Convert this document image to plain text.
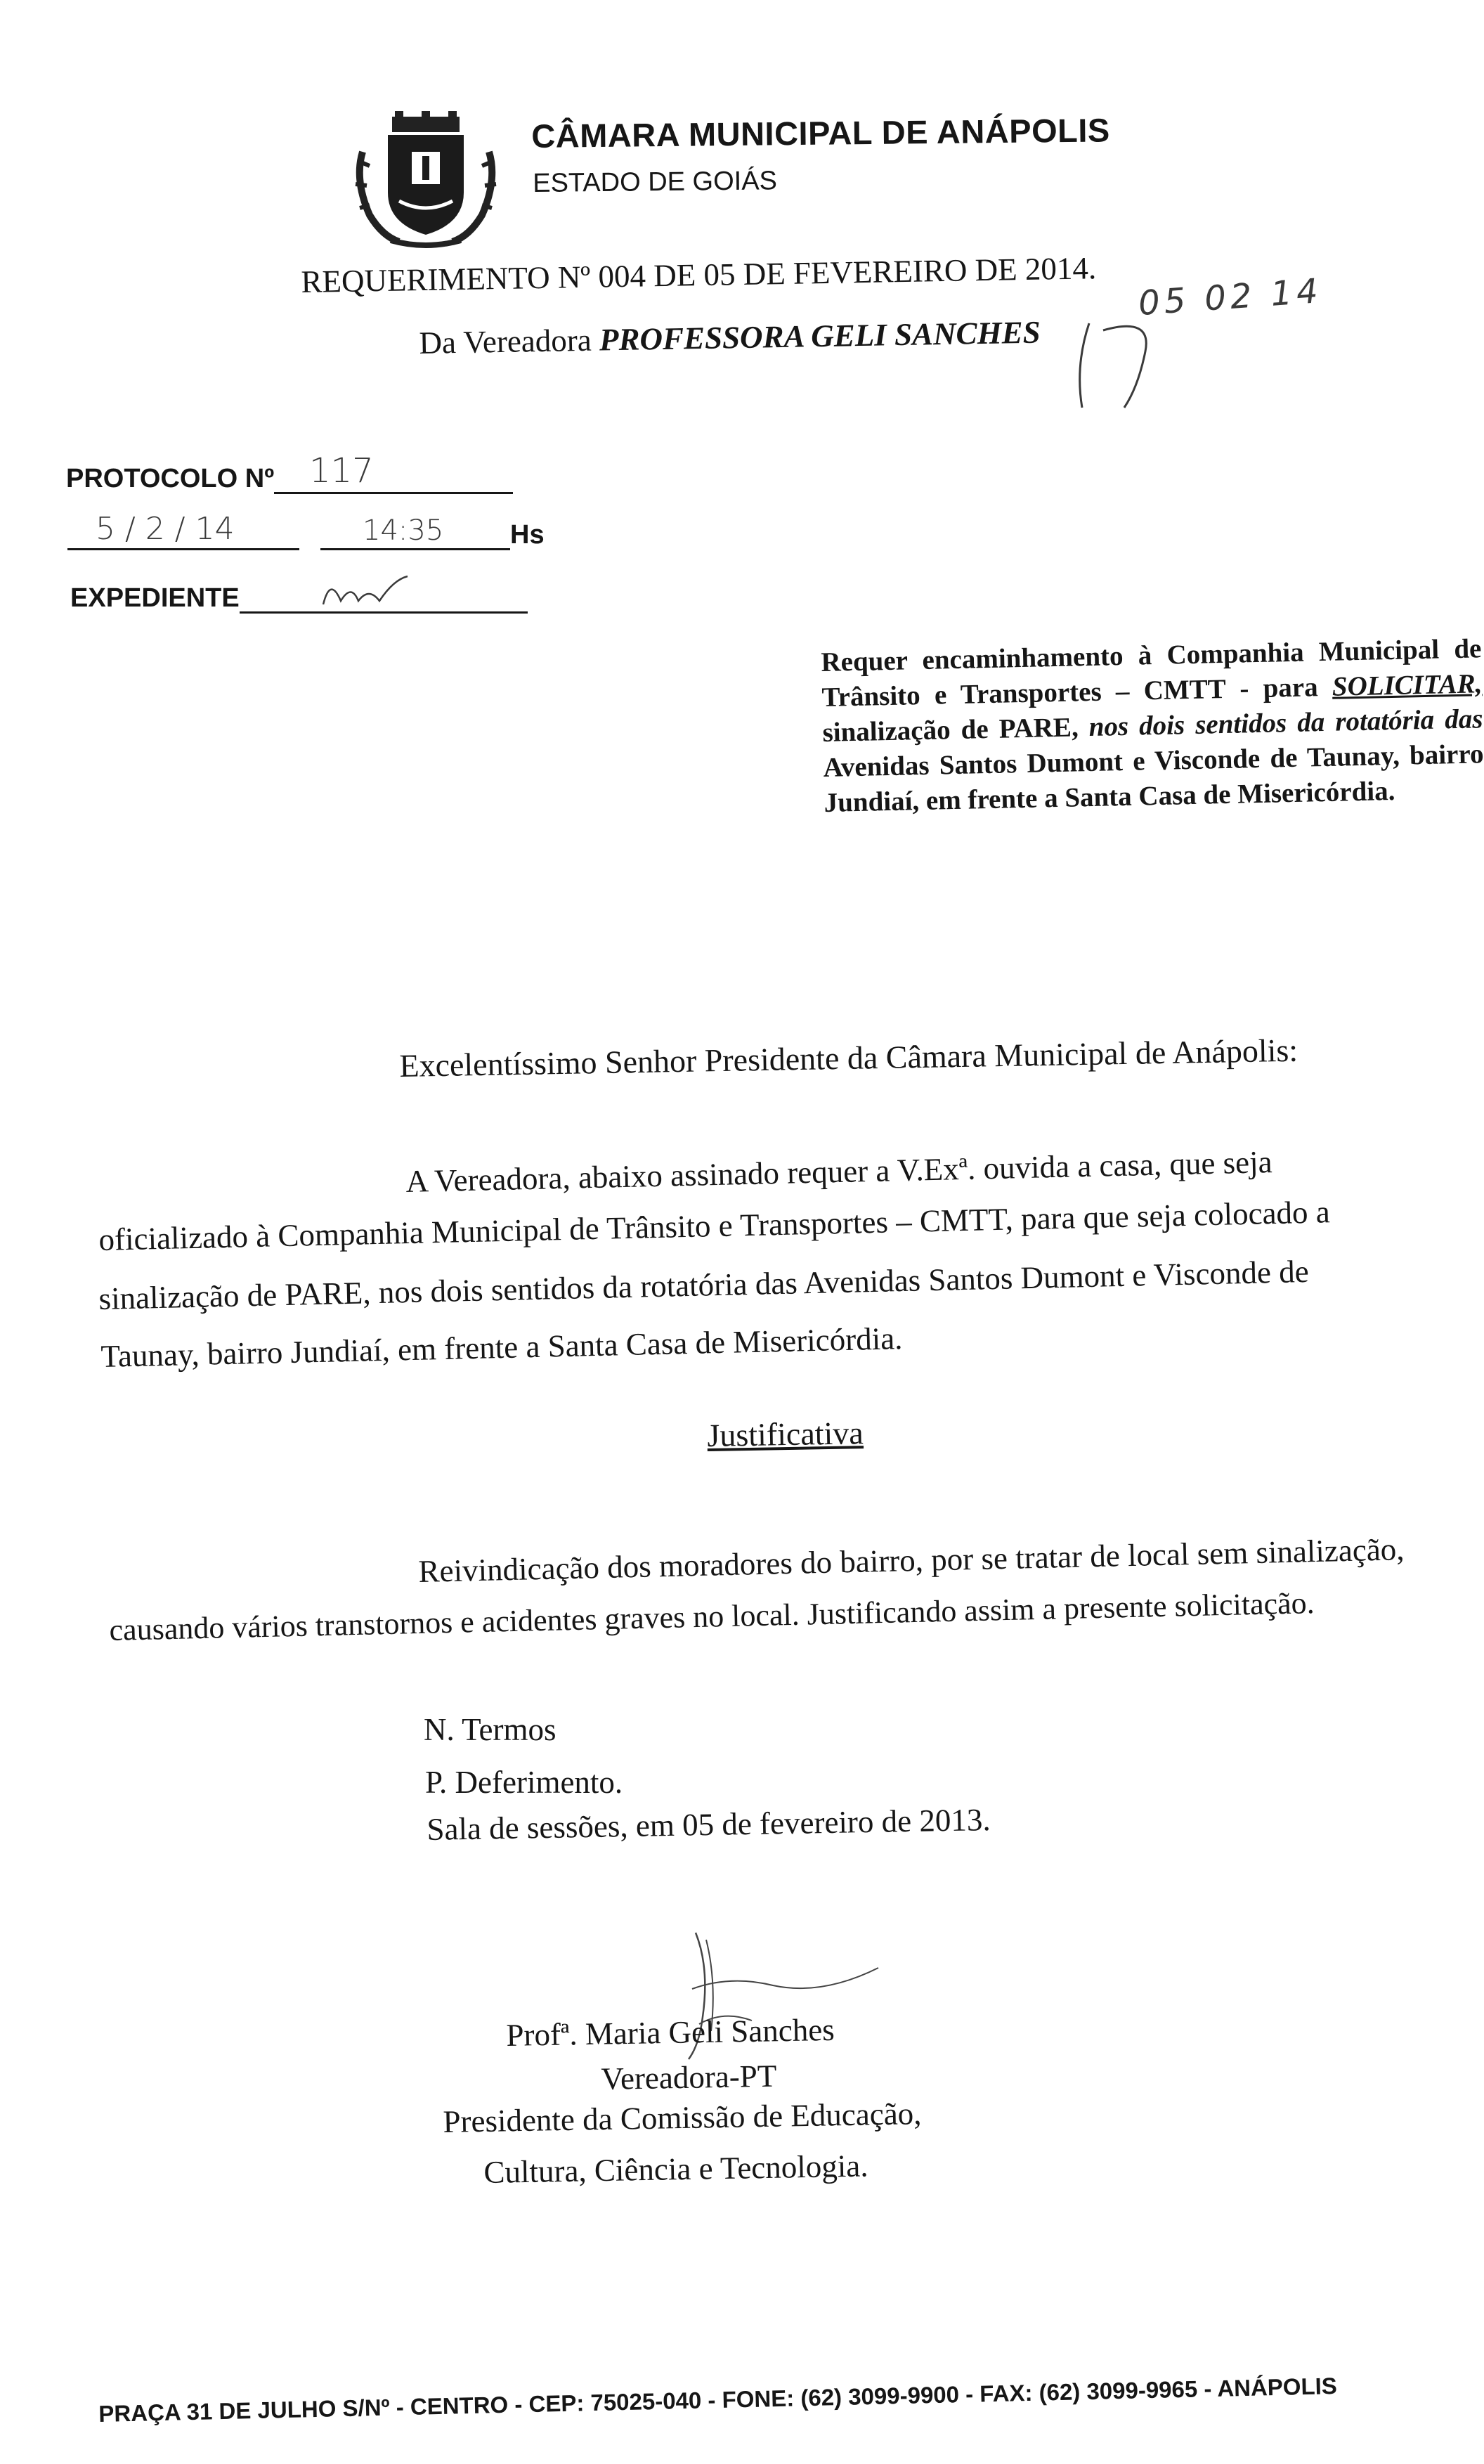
CÂMARA MUNICIPAL DE ANÁPOLIS

ESTADO DE GOIÁS

REQUERIMENTO Nº 004 DE 05 DE FEVEREIRO DE 2014.

Da Vereadora PROFESSORA GELI SANCHES

05 02 14

PROTOCOLO Nº 117

5 / 2 / 14	14:35 Hs

EXPEDIENTE

Requer encaminhamento à Companhia Municipal de Trânsito e Transportes – CMTT - para SOLICITAR, sinalização de PARE, nos dois sentidos da rotatória das Avenidas Santos Dumont e Visconde de Taunay, bairro Jundiaí, em frente a Santa Casa de Misericórdia.

Excelentíssimo Senhor Presidente da Câmara Municipal de Anápolis:

A Vereadora, abaixo assinado requer a V.Exª. ouvida a casa, que seja

oficializado à Companhia Municipal de Trânsito e Transportes – CMTT, para que seja colocado a

sinalização de PARE, nos dois sentidos da rotatória das Avenidas Santos Dumont e Visconde de

Taunay, bairro Jundiaí, em frente a Santa Casa de Misericórdia.

Justificativa

Reivindicação dos moradores do bairro, por se tratar de local sem sinalização,

causando vários transtornos e acidentes graves no local. Justificando assim a presente solicitação.

N. Termos

P. Deferimento.

Sala de sessões, em 05 de fevereiro de 2013.

Profª. Maria Geli Sanches

Vereadora-PT

Presidente da Comissão de Educação,

Cultura, Ciência e Tecnologia.

PRAÇA 31 DE JULHO S/Nº - CENTRO - CEP: 75025-040 - FONE: (62) 3099-9900 - FAX: (62) 3099-9965 - ANÁPOLIS
